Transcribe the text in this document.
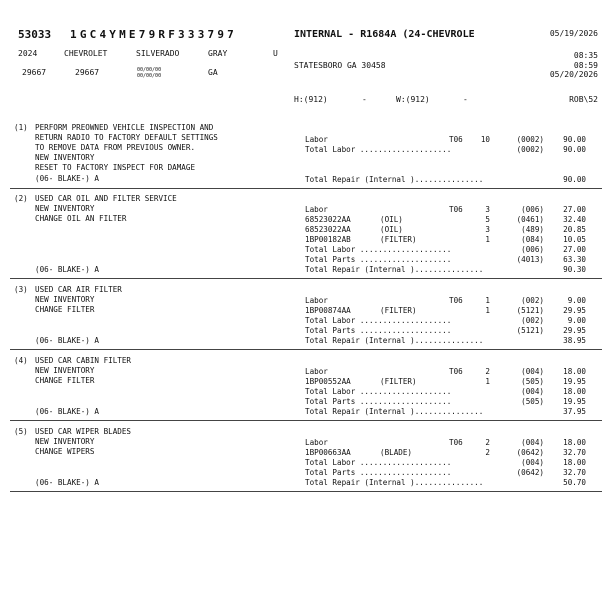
53033 1GC4YME79RF333797	INTERNAL - R1684A (24-CHEVROLE	05/19/2026
2024	CHEVROLET	SILVERADO	GRAY	U	08:35
08:59
05/20/2026
29667	29667	00/00/00
00/00/00	GA
STATESBORO GA 30458
H:(912)	-	W:(912)	-	ROB\52
(1) PERFORM PREOWNED VEHICLE INSPECTION AND
RETURN RADIO TO FACTORY DEFAULT SETTINGS
TO REMOVE DATA FROM PREVIOUS OWNER.
NEW INVENTORY
RESET TO FACTORY INSPECT FOR DAMAGE
(06- BLAKE-) A
Labor	T06 10	(0002)	90.00
Total Labor ....................	(0002)	90.00
Total Repair (Internal )...............	90.00
(2) USED CAR OIL AND FILTER SERVICE
NEW INVENTORY
CHANGE OIL AN FILTER
(06- BLAKE-) A
Labor	T06	3	(006)	27.00
68523022AA	(OIL)	5	(0461)	32.40
68523022AA	(OIL)	3	(489)	20.85
1BP00182AB	(FILTER)	1	(084)	10.05
Total Labor ....................	(006)	27.00
Total Parts ....................	(4013)	63.30
Total Repair (Internal )...............	90.30
(3) USED CAR AIR FILTER
NEW INVENTORY
CHANGE FILTER
(06- BLAKE-) A
Labor	T06	1	(002)	9.00
1BP00874AA	(FILTER)	1	(5121)	29.95
Total Labor ....................	(002)	9.00
Total Parts ....................	(5121)	29.95
Total Repair (Internal )...............	38.95
(4) USED CAR CABIN FILTER
NEW INVENTORY
CHANGE FILTER
(06- BLAKE-) A
Labor	T06	2	(004)	18.00
1BP00552AA	(FILTER)	1	(505)	19.95
Total Labor ....................	(004)	18.00
Total Parts ....................	(505)	19.95
Total Repair (Internal )...............	37.95
(5) USED CAR WIPER BLADES
NEW INVENTORY
CHANGE WIPERS
(06- BLAKE-) A
Labor	T06	2	(004)	18.00
1BP00663AA	(BLADE)	2	(0642)	32.70
Total Labor ....................	(004)	18.00
Total Parts ....................	(0642)	32.70
Total Repair (Internal )...............	50.70
